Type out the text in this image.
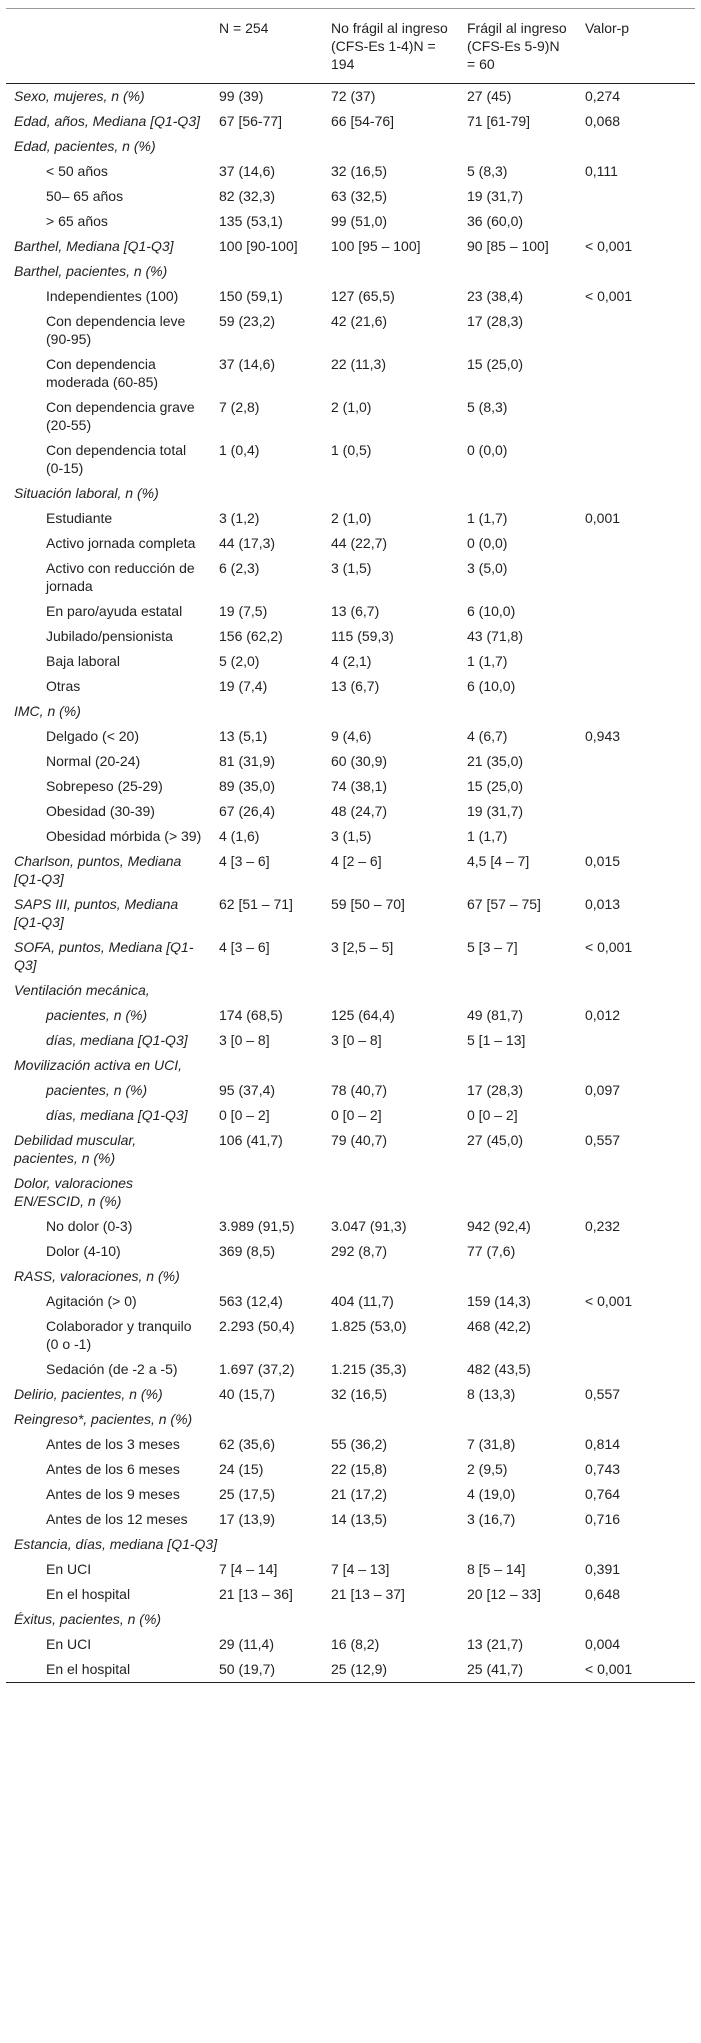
	N = 254	No frágil al ingreso (CFS-Es 1-4)N = 194	Frágil al ingreso (CFS-Es 5-9)N = 60	Valor-p
Sexo, mujeres, n (%)	99 (39)	72 (37)	27 (45)	0,274
Edad, años, Mediana [Q1-Q3]	67 [56-77]	66 [54-76]	71 [61-79]	0,068
Edad, pacientes, n (%)				
< 50 años	37 (14,6)	32 (16,5)	5 (8,3)	0,111
50– 65 años	82 (32,3)	63 (32,5)	19 (31,7)	
> 65 años	135 (53,1)	99 (51,0)	36 (60,0)	
Barthel, Mediana [Q1-Q3]	100 [90-100]	100 [95 – 100]	90 [85 – 100]	< 0,001
Barthel, pacientes, n (%)				
Independientes (100)	150 (59,1)	127 (65,5)	23 (38,4)	< 0,001
Con dependencia leve (90-95)	59 (23,2)	42 (21,6)	17 (28,3)	
Con dependencia moderada (60-85)	37 (14,6)	22 (11,3)	15 (25,0)	
Con dependencia grave (20-55)	7 (2,8)	2 (1,0)	5 (8,3)	
Con dependencia total (0-15)	1 (0,4)	1 (0,5)	0 (0,0)	
Situación laboral, n (%)				
Estudiante	3 (1,2)	2 (1,0)	1 (1,7)	0,001
Activo jornada completa	44 (17,3)	44 (22,7)	0 (0,0)	
Activo con reducción de jornada	6 (2,3)	3 (1,5)	3 (5,0)	
En paro/ayuda estatal	19 (7,5)	13 (6,7)	6 (10,0)	
Jubilado/pensionista	156 (62,2)	115 (59,3)	43 (71,8)	
Baja laboral	5 (2,0)	4 (2,1)	1 (1,7)	
Otras	19 (7,4)	13 (6,7)	6 (10,0)	
IMC, n (%)				
Delgado (< 20)	13 (5,1)	9 (4,6)	4 (6,7)	0,943
Normal (20-24)	81 (31,9)	60 (30,9)	21 (35,0)	
Sobrepeso (25-29)	89 (35,0)	74 (38,1)	15 (25,0)	
Obesidad (30-39)	67 (26,4)	48 (24,7)	19 (31,7)	
Obesidad mórbida (> 39)	4 (1,6)	3 (1,5)	1 (1,7)	
Charlson, puntos, Mediana [Q1-Q3]	4 [3 – 6]	4 [2 – 6]	4,5 [4 – 7]	0,015
SAPS III, puntos, Mediana [Q1-Q3]	62 [51 – 71]	59 [50 – 70]	67 [57 – 75]	0,013
SOFA, puntos, Mediana [Q1-Q3]	4 [3 – 6]	3 [2,5 – 5]	5 [3 – 7]	< 0,001
Ventilación mecánica,				
pacientes, n (%)	174 (68,5)	125 (64,4)	49 (81,7)	0,012
días, mediana [Q1-Q3]	3 [0 – 8]	3 [0 – 8]	5 [1 – 13]	
Movilización activa en UCI,				
pacientes, n (%)	95 (37,4)	78 (40,7)	17 (28,3)	0,097
días, mediana [Q1-Q3]	0 [0 – 2]	0 [0 – 2]	0 [0 – 2]	
Debilidad muscular, pacientes, n (%)	106 (41,7)	79 (40,7)	27 (45,0)	0,557
Dolor, valoraciones EN/ESCID, n (%)				
No dolor (0-3)	3.989 (91,5)	3.047 (91,3)	942 (92,4)	0,232
Dolor (4-10)	369 (8,5)	292 (8,7)	77 (7,6)	
RASS, valoraciones, n (%)				
Agitación (> 0)	563 (12,4)	404 (11,7)	159 (14,3)	< 0,001
Colaborador y tranquilo (0 o -1)	2.293 (50,4)	1.825 (53,0)	468 (42,2)	
Sedación (de -2 a -5)	1.697 (37,2)	1.215 (35,3)	482 (43,5)	
Delirio, pacientes, n (%)	40 (15,7)	32 (16,5)	8 (13,3)	0,557
Reingreso*, pacientes, n (%)				
Antes de los 3 meses	62 (35,6)	55 (36,2)	7 (31,8)	0,814
Antes de los 6 meses	24 (15)	22 (15,8)	2 (9,5)	0,743
Antes de los 9 meses	25 (17,5)	21 (17,2)	4 (19,0)	0,764
Antes de los 12 meses	17 (13,9)	14 (13,5)	3 (16,7)	0,716
Estancia, días, mediana [Q1-Q3]				
En UCI	7 [4 – 14]	7 [4 – 13]	8 [5 – 14]	0,391
En el hospital	21 [13 – 36]	21 [13 – 37]	20 [12 – 33]	0,648
Éxitus, pacientes, n (%)				
En UCI	29 (11,4)	16 (8,2)	13 (21,7)	0,004
En el hospital	50 (19,7)	25 (12,9)	25 (41,7)	< 0,001
